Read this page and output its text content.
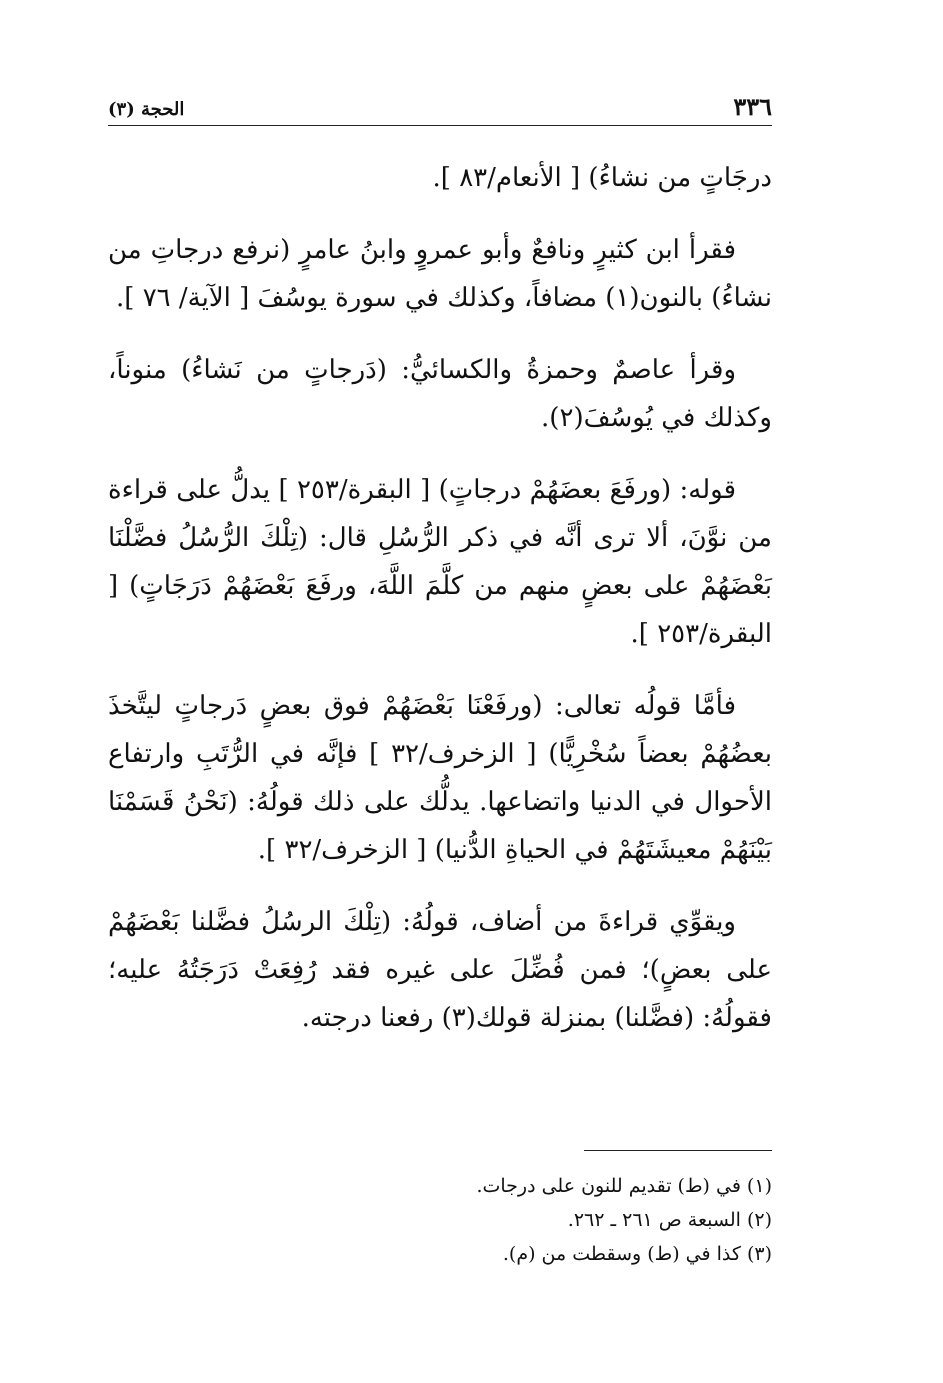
٣٣٦
الحجة (٣)

درجَاتٍ من نشاءُ) [ الأنعام/٨٣ ].

فقرأ ابن كثيرٍ ونافعٌ وأبو عمروٍ وابنُ عامرٍ (نرفع درجاتِ من نشاءُ) بالنون(١) مضافاً، وكذلك في سورة يوسُفَ [ الآية/ ٧٦ ].

وقرأ عاصمٌ وحمزةُ والكسائيُّ: (دَرجاتٍ من نَشاءُ) منوناً، وكذلك في يُوسُفَ(٢).

قوله: (ورفَعَ بعضَهُمْ درجاتٍ) [ البقرة/٢٥٣ ] يدلُّ على قراءة من نوَّنَ، ألا ترى أنَّه في ذكر الرُّسُلِ قال: (تِلْكَ الرُّسُلُ فضَّلْنَا بَعْضَهُمْ على بعضٍ منهم من كلَّمَ اللَّهَ، ورفَعَ بَعْضَهُمْ دَرَجَاتٍ) [ البقرة/٢٥٣ ].

فأمَّا قولُه تعالى: (ورفَعْنَا بَعْضَهُمْ فوق بعضٍ دَرجاتٍ ليتَّخذَ بعضُهُمْ بعضاً سُخْرِيًّا) [ الزخرف/٣٢ ] فإنَّه في الرُّتَبِ وارتفاع الأحوال في الدنيا واتضاعها. يدلُّك على ذلك قولُهُ: (نَحْنُ قَسَمْنَا بَيْنَهُمْ معيشَتَهُمْ في الحياةِ الدُّنيا) [ الزخرف/٣٢ ].

ويقوِّي قراءةَ من أضاف، قولُهُ: (تِلْكَ الرسُلُ فضَّلنا بَعْضَهُمْ على بعضٍ)؛ فمن فُضِّلَ على غيره فقد رُفِعَتْ دَرَجَتُهُ عليه؛ فقولُهُ: (فضَّلنا) بمنزلة قولك(٣) رفعنا درجته.

(١) في (ط) تقديم للنون على درجات.

(٢) السبعة ص ٢٦١ ـ ٢٦٢.

(٣) كذا في (ط) وسقطت من (م).
